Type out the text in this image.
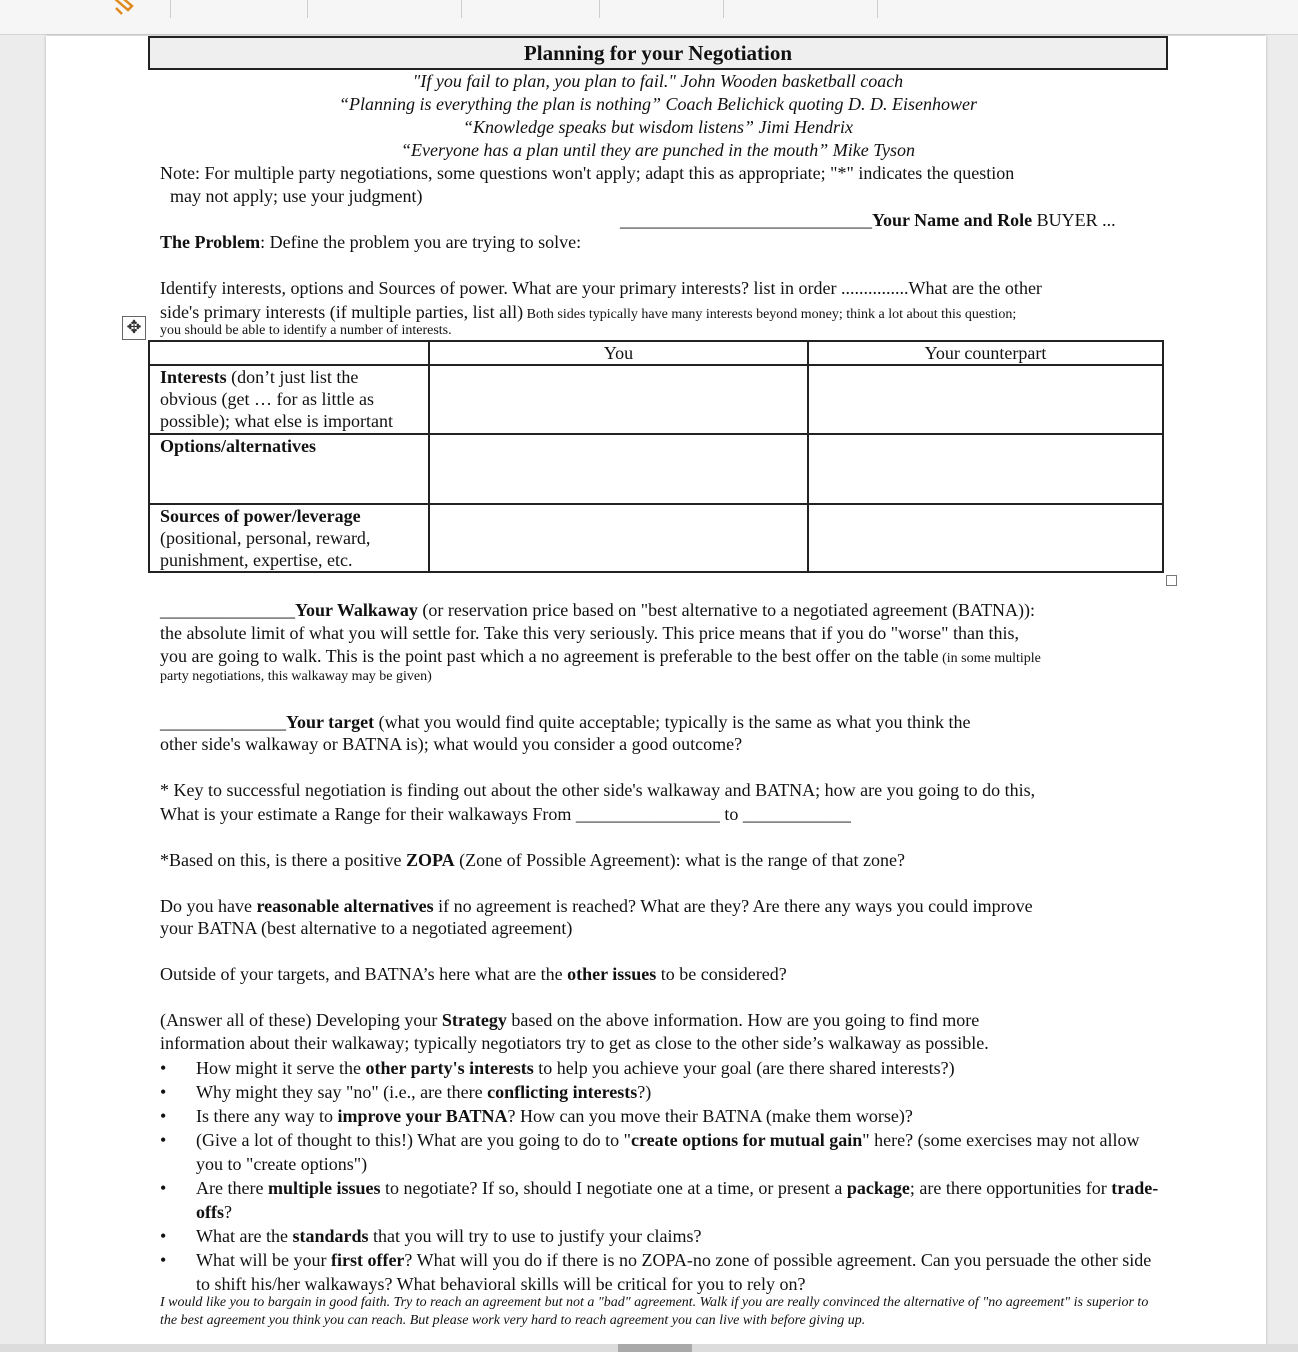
Planning for your Negotiation
"If you fail to plan, you plan to fail." John Wooden basketball coach
“Planning is everything the plan is nothing” Coach Belichick quoting D. D. Eisenhower
“Knowledge speaks but wisdom listens” Jimi Hendrix
“Everyone has a plan until they are punched in the mouth” Mike Tyson
Note: For multiple party negotiations, some questions won't apply; adapt this as appropriate; "*" indicates the question
may not apply; use your judgment)
____________________________Your Name and Role BUYER ...
The Problem: Define the problem you are trying to solve:
Identify interests, options and Sources of power. What are your primary interests? list in order ...............What are the other
side's primary interests (if multiple parties, list all) Both sides typically have many interests beyond money; think a lot about this question;
you should be able to identify a number of interests.
✥
	You	Your counterpart
Interests (don’t just list the obvious (get … for as little as possible); what else is important		
Options/alternatives		
Sources of power/leverage (positional, personal, reward, punishment, expertise, etc.		
_______________Your Walkaway (or reservation price based on "best alternative to a negotiated agreement (BATNA)):
the absolute limit of what you will settle for. Take this very seriously. This price means that if you do "worse" than this,
you are going to walk. This is the point past which a no agreement is preferable to the best offer on the table (in some multiple
party negotiations, this walkaway may be given)
______________Your target (what you would find quite acceptable; typically is the same as what you think the
other side's walkaway or BATNA is); what would you consider a good outcome?
* Key to successful negotiation is finding out about the other side's walkaway and BATNA; how are you going to do this,
What is your estimate a Range for their walkaways From ________________ to ____________
*Based on this, is there a positive ZOPA (Zone of Possible Agreement): what is the range of that zone?
Do you have reasonable alternatives if no agreement is reached? What are they? Are there any ways you could improve
your BATNA (best alternative to a negotiated agreement)
Outside of your targets, and BATNA’s here what are the other issues to be considered?
(Answer all of these) Developing your Strategy based on the above information. How are you going to find more
information about their walkaway; typically negotiators try to get as close to the other side’s walkaway as possible.
• How might it serve the other party's interests to help you achieve your goal (are there shared interests?)
• Why might they say "no" (i.e., are there conflicting interests?)
• Is there any way to improve your BATNA? How can you move their BATNA (make them worse)?
• (Give a lot of thought to this!) What are you going to do to "create options for mutual gain" here? (some exercises may not allow you to "create options")
• Are there multiple issues to negotiate? If so, should I negotiate one at a time, or present a package; are there opportunities for trade-offs?
• What are the standards that you will try to use to justify your claims?
• What will be your first offer? What will you do if there is no ZOPA-no zone of possible agreement. Can you persuade the other side to shift his/her walkaways? What behavioral skills will be critical for you to rely on?
I would like you to bargain in good faith. Try to reach an agreement but not a "bad" agreement. Walk if you are really convinced the alternative of "no agreement" is superior to the best agreement you think you can reach. But please work very hard to reach agreement you can live with before giving up.
